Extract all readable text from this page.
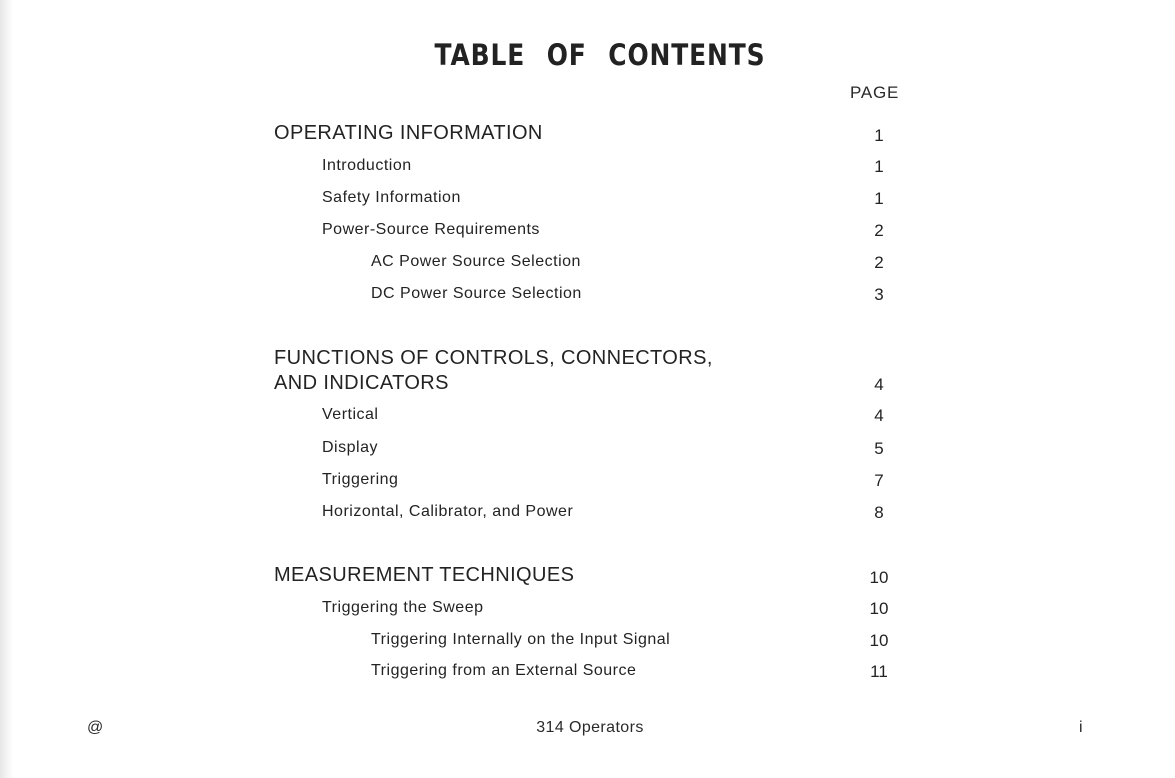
TABLE OF CONTENTS
PAGE
OPERATING INFORMATION	1
Introduction	1
Safety Information	1
Power-Source Requirements	2
AC Power Source Selection	2
DC Power Source Selection	3
FUNCTIONS OF CONTROLS, CONNECTORS,
AND INDICATORS	4
Vertical	4
Display	5
Triggering	7
Horizontal, Calibrator, and Power	8
MEASUREMENT TECHNIQUES	10
Triggering the Sweep	10
Triggering Internally on the Input Signal	10
Triggering from an External Source	11
@	314 Operators	i
